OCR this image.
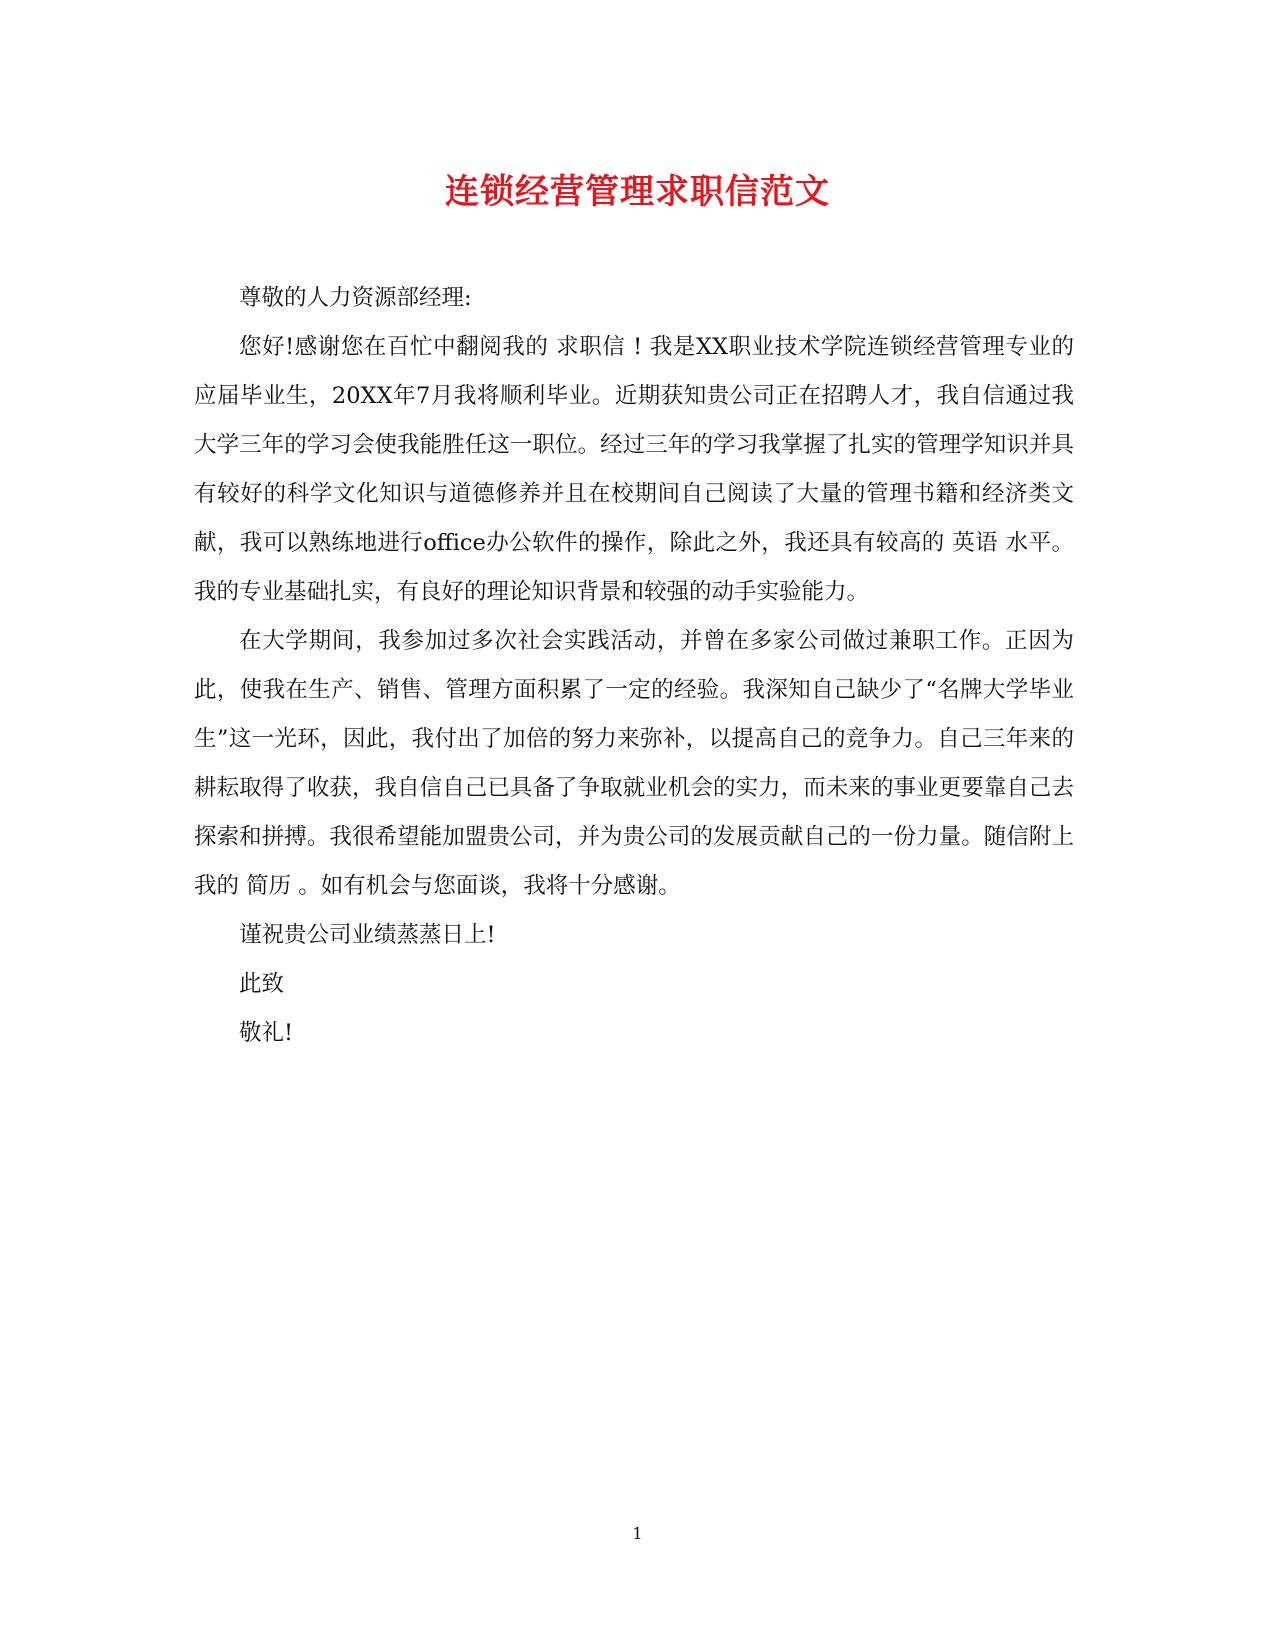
连锁经营管理求职信范文

尊敬的人力资源部经理:

您好!感谢您在百忙中翻阅我的 求职信 ! 我是XX职业技术学院连锁经营管理专业的应届毕业生，20XX年7月我将顺利毕业。近期获知贵公司正在招聘人才，我自信通过我大学三年的学习会使我能胜任这一职位。经过三年的学习我掌握了扎实的管理学知识并具有较好的科学文化知识与道德修养并且在校期间自己阅读了大量的管理书籍和经济类文献，我可以熟练地进行office办公软件的操作，除此之外，我还具有较高的 英语 水平。我的专业基础扎实，有良好的理论知识背景和较强的动手实验能力。

在大学期间，我参加过多次社会实践活动，并曾在多家公司做过兼职工作。正因为此，使我在生产、销售、管理方面积累了一定的经验。我深知自己缺少了“名牌大学毕业生”这一光环，因此，我付出了加倍的努力来弥补，以提高自己的竞争力。自己三年来的耕耘取得了收获，我自信自己已具备了争取就业机会的实力，而未来的事业更要靠自己去探索和拼搏。我很希望能加盟贵公司，并为贵公司的发展贡献自己的一份力量。随信附上我的 简历 。如有机会与您面谈，我将十分感谢。

谨祝贵公司业绩蒸蒸日上!

此致

敬礼!

1
